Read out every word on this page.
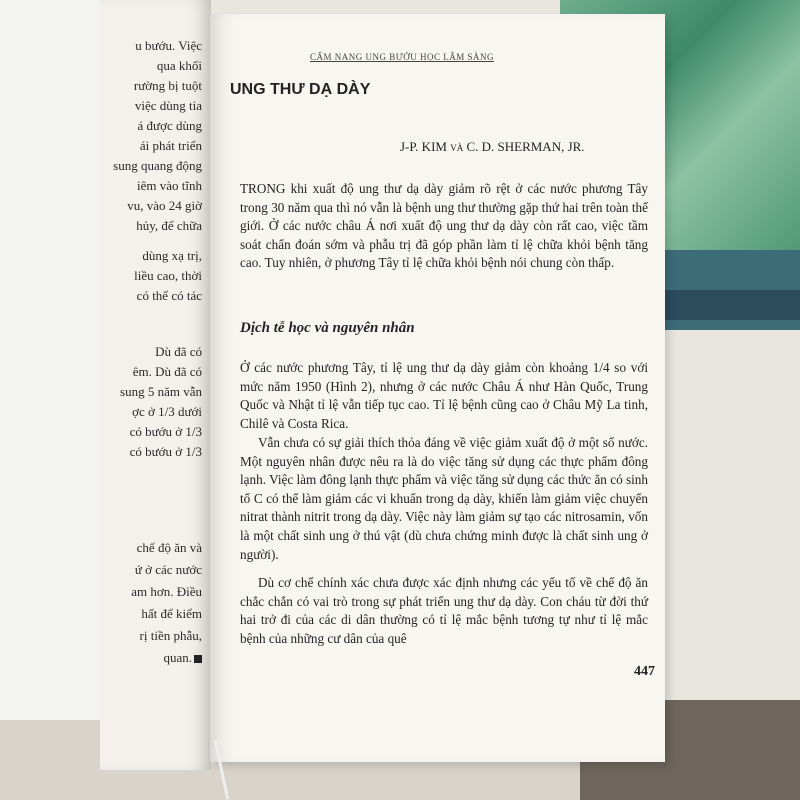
u bướu. Việc
qua khối
rường bị tuột
việc dùng tia
á được dùng
ái phát triển
sung quang động
iêm vào tĩnh
vu, vào 24 giờ
hủy, để chữa
dùng xạ trị,
liều cao, thời
có thể có tác
Dù đã có
êm. Dù đã có
sung 5 năm vẫn
ợc ở 1/3 dưới
có bướu ở 1/3
có bướu ở 1/3
chế độ ăn và
ứ ở các nước
am hơn. Điều
hất để kiểm
rị tiền phẫu,
quan.
CẨM NANG UNG BƯỚU HỌC LÂM SÀNG
UNG THƯ DẠ DÀY
J-P. KIM và C. D. SHERMAN, JR.
TRONG khi xuất độ ung thư dạ dày giảm rõ rệt ở các nước phương Tây trong 30 năm qua thì nó vẫn là bệnh ung thư thường gặp thứ hai trên toàn thế giới. Ở các nước châu Á nơi xuất độ ung thư dạ dày còn rất cao, việc tầm soát chẩn đoán sớm và phẫu trị đã góp phần làm tỉ lệ chữa khỏi bệnh tăng cao. Tuy nhiên, ở phương Tây tỉ lệ chữa khỏi bệnh nói chung còn thấp.
Dịch tễ học và nguyên nhân
Ở các nước phương Tây, tỉ lệ ung thư dạ dày giảm còn khoảng 1/4 so với mức năm 1950 (Hình 2), nhưng ở các nước Châu Á như Hàn Quốc, Trung Quốc và Nhật tỉ lệ vẫn tiếp tục cao. Tỉ lệ bệnh cũng cao ở Châu Mỹ La tinh, Chilê và Costa Rica.
Vẫn chưa có sự giải thích thỏa đáng về việc giảm xuất độ ở một số nước. Một nguyên nhân được nêu ra là do việc tăng sử dụng các thực phẩm đông lạnh. Việc làm đông lạnh thực phẩm và việc tăng sử dụng các thức ăn có sinh tố C có thể làm giảm các vi khuẩn trong dạ dày, khiến làm giảm việc chuyển nitrat thành nitrit trong dạ dày. Việc này làm giảm sự tạo các nitrosamin, vốn là một chất sinh ung ở thú vật (dù chưa chứng minh được là chất sinh ung ở người).
Dù cơ chế chính xác chưa được xác định nhưng các yếu tố về chế độ ăn chắc chắn có vai trò trong sự phát triển ung thư dạ dày. Con cháu từ đời thứ hai trở đi của các di dân thường có tỉ lệ mắc bệnh tương tự như tỉ lệ mắc bệnh của những cư dân của quê
447
